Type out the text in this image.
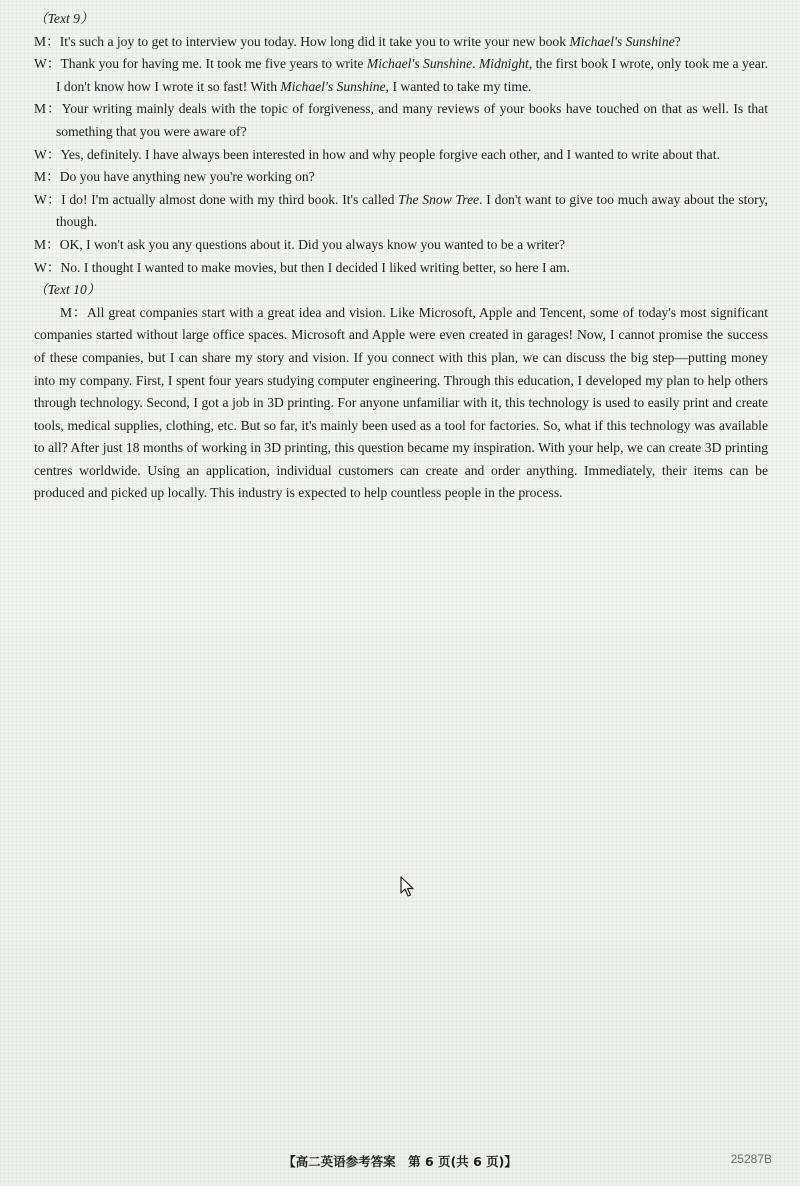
（Text 9）

M：It's such a joy to get to interview you today. How long did it take you to write your new book Michael's Sunshine?

W：Thank you for having me. It took me five years to write Michael's Sunshine. Midnight, the first book I wrote, only took me a year. I don't know how I wrote it so fast! With Michael's Sunshine, I wanted to take my time.

M：Your writing mainly deals with the topic of forgiveness, and many reviews of your books have touched on that as well. Is that something that you were aware of?

W：Yes, definitely. I have always been interested in how and why people forgive each other, and I wanted to write about that.

M：Do you have anything new you're working on?

W：I do! I'm actually almost done with my third book. It's called The Snow Tree. I don't want to give too much away about the story, though.

M：OK, I won't ask you any questions about it. Did you always know you wanted to be a writer?

W：No. I thought I wanted to make movies, but then I decided I liked writing better, so here I am.

（Text 10）

M：All great companies start with a great idea and vision. Like Microsoft, Apple and Tencent, some of today's most significant companies started without large office spaces. Microsoft and Apple were even created in garages! Now, I cannot promise the success of these companies, but I can share my story and vision. If you connect with this plan, we can discuss the big step—putting money into my company. First, I spent four years studying computer engineering. Through this education, I developed my plan to help others through technology. Second, I got a job in 3D printing. For anyone unfamiliar with it, this technology is used to easily print and create tools, medical supplies, clothing, etc. But so far, it's mainly been used as a tool for factories. So, what if this technology was available to all? After just 18 months of working in 3D printing, this question became my inspiration. With your help, we can create 3D printing centres worldwide. Using an application, individual customers can create and order anything. Immediately, their items can be produced and picked up locally. This industry is expected to help countless people in the process.

【高二英语参考答案　第 6 页(共 6 页)】	25287B
